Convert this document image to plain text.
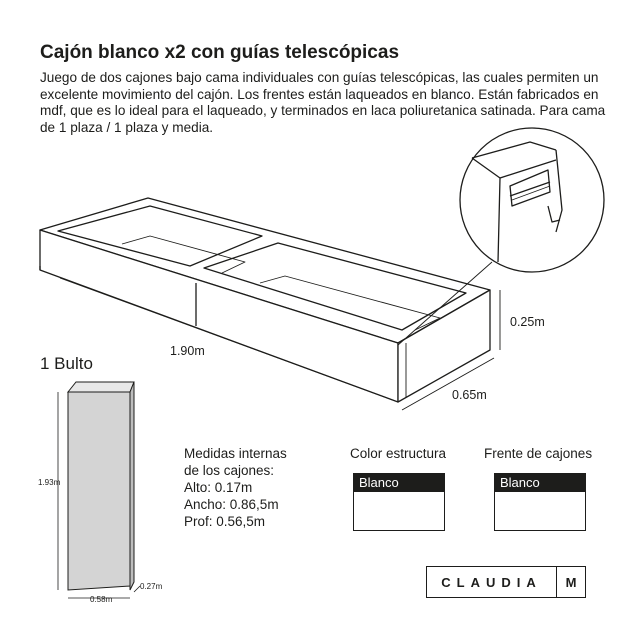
Cajón blanco x2 con guías telescópicas

Juego de dos cajones bajo cama individuales con guías telescópicas, las cuales permiten un excelente movimiento del cajón. Los frentes están laqueados en blanco. Están fabricados en mdf, que es lo ideal para el laqueado, y terminados en laca poliuretanica satinada. Para cama de 1 plaza / 1 plaza y media.

1.90m
0.25m
0.65m
1 Bulto
1.93m
0.58m
0.27m
Medidas internas
de los cajones:
Alto: 0.17m
Ancho: 0.86,5m
Prof: 0.56,5m
Color estructura
Blanco
Frente de cajones
Blanco
CLAUDIA	M
